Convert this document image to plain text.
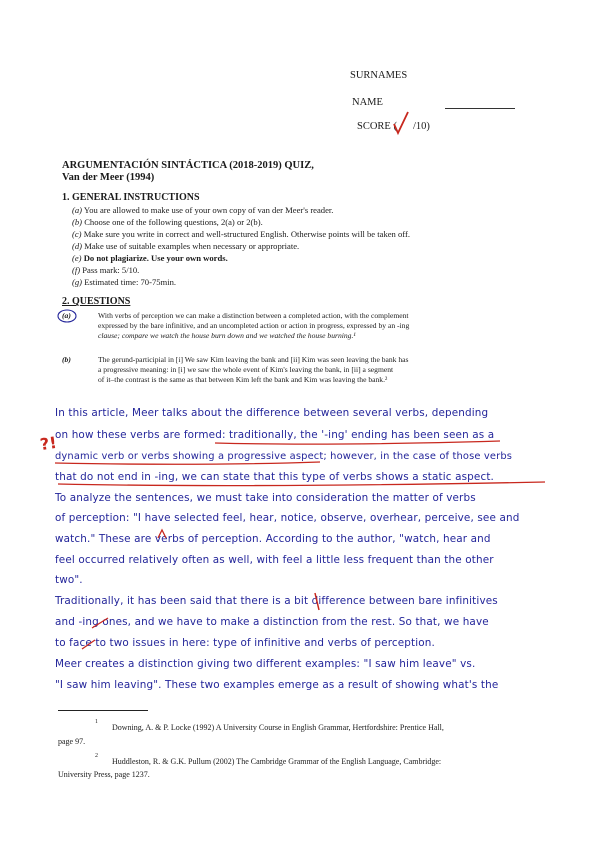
SURNAMES
NAME
SCORE ( /10)
ARGUMENTACIÓN SINTÁCTICA (2018-2019) QUIZ,
Van der Meer (1994)
1. GENERAL INSTRUCTIONS
(a) You are allowed to make use of your own copy of van der Meer's reader.
(b) Choose one of the following questions, 2(a) or 2(b).
(c) Make sure you write in correct and well-structured English. Otherwise points will be taken off.
(d) Make use of suitable examples when necessary or appropriate.
(e) Do not plagiarize. Use your own words.
(f) Pass mark: 5/10.
(g) Estimated time: 70-75min.
2. QUESTIONS
(a)	With verbs of perception we can make a distinction between a completed action, with the complement
expressed by the bare infinitive, and an uncompleted action or action in progress, expressed by an -ing
clause; compare we watch the house burn down and we watched the house burning.¹
(b)	The gerund-participial in [i] We saw Kim leaving the bank and [ii] Kim was seen leaving the bank has
a progressive meaning: in [i] we saw the whole event of Kim's leaving the bank, in [ii] a segment
of it–the contrast is the same as that between Kim left the bank and Kim was leaving the bank.²
?!
In this article, Meer talks about the difference between several verbs, depending
on how these verbs are formed: traditionally, the '-ing' ending has been seen as a
dynamic verb or verbs showing a progressive aspect; however, in the case of those verbs
that do not end in -ing, we can state that this type of verbs shows a static aspect.
To analyze the sentences, we must take into consideration the matter of verbs
of perception: "I have selected feel, hear, notice, observe, overhear, perceive, see and
watch." These are verbs of perception. According to the author, "watch, hear and
feel occurred relatively often as well, with feel a little less frequent than the other
two".
Traditionally, it has been said that there is a bit difference between bare infinitives
and -ing ones, and we have to make a distinction from the rest. So that, we have
to face to two issues in here: type of infinitive and verbs of perception.
Meer creates a distinction giving two different examples: "I saw him leave" vs.
"I saw him leaving". These two examples emerge as a result of showing what's the
1
Downing, A. & P. Locke (1992) A University Course in English Grammar, Hertfordshire: Prentice Hall,
page 97.
2
Huddleston, R. & G.K. Pullum (2002) The Cambridge Grammar of the English Language, Cambridge:
University Press, page 1237.
